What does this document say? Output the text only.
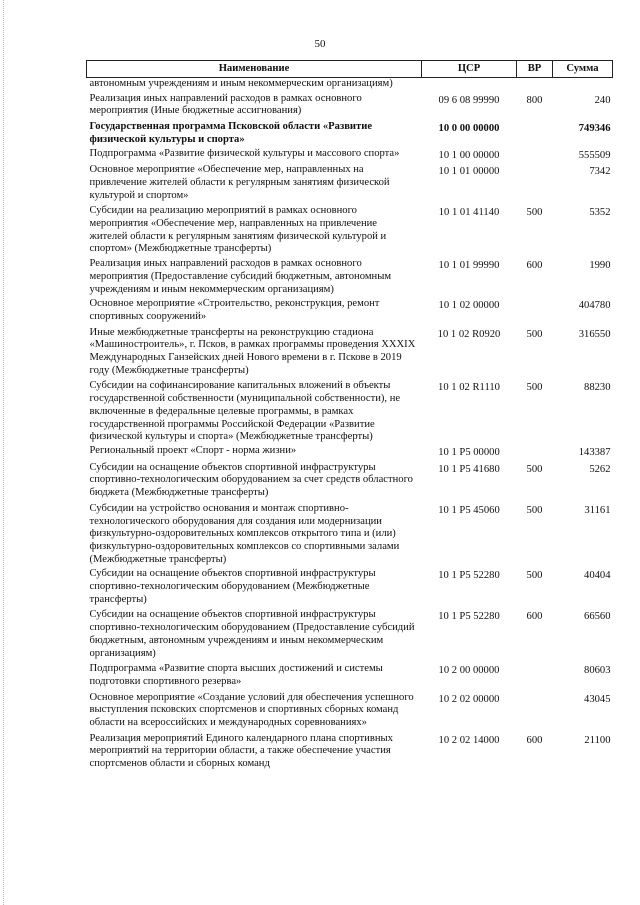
50
Наименование	ЦСР	ВР	Сумма
автономным учреждениям и иным некоммерческим организациям)			
Реализация иных направлений расходов в рамках основного мероприятия (Иные бюджетные ассигнования)	09 6 08 99990	800	240
Государственная программа Псковской области «Развитие физической культуры и спорта»	10 0 00 00000		749346
Подпрограмма «Развитие физической культуры и массового спорта»	10 1 00 00000		555509
Основное мероприятие «Обеспечение мер, направленных на привлечение жителей области к регулярным занятиям физической культурой и спортом»	10 1 01 00000		7342
Субсидии на реализацию мероприятий в рамках основного мероприятия «Обеспечение мер, направленных на привлечение жителей области к регулярным занятиям физической культурой и спортом» (Межбюджетные трансферты)	10 1 01 41140	500	5352
Реализация иных направлений расходов в рамках основного мероприятия (Предоставление субсидий бюджетным, автономным учреждениям и иным некоммерческим организациям)	10 1 01 99990	600	1990
Основное мероприятие «Строительство, реконструкция, ремонт спортивных сооружений»	10 1 02 00000		404780
Иные межбюджетные трансферты на реконструкцию стадиона «Машиностроитель», г. Псков, в рамках программы проведения XXXIX Международных Ганзейских дней Нового времени в г. Пскове в 2019 году (Межбюджетные трансферты)	10 1 02 R0920	500	316550
Субсидии на софинансирование капитальных вложений в объекты государственной собственности (муниципальной собственности), не включенные в федеральные целевые программы, в рамках государственной программы Российской Федерации «Развитие физической культуры и спорта» (Межбюджетные трансферты)	10 1 02 R1110	500	88230
Региональный проект «Спорт - норма жизни»	10 1 P5 00000		143387
Субсидии на оснащение объектов спортивной инфраструктуры спортивно-технологическим оборудованием за счет средств областного бюджета (Межбюджетные трансферты)	10 1 P5 41680	500	5262
Субсидии на устройство основания и монтаж спортивно-технологического оборудования для создания или модернизации физкультурно-оздоровительных комплексов открытого типа и (или) физкультурно-оздоровительных комплексов со спортивными залами (Межбюджетные трансферты)	10 1 P5 45060	500	31161
Субсидии на оснащение объектов спортивной инфраструктуры спортивно-технологическим оборудованием (Межбюджетные трансферты)	10 1 P5 52280	500	40404
Субсидии на оснащение объектов спортивной инфраструктуры спортивно-технологическим оборудованием (Предоставление субсидий бюджетным, автономным учреждениям и иным некоммерческим организациям)	10 1 P5 52280	600	66560
Подпрограмма «Развитие спорта высших достижений и системы подготовки спортивного резерва»	10 2 00 00000		80603
Основное мероприятие «Создание условий для обеспечения успешного выступления псковских спортсменов и спортивных сборных команд области на всероссийских и международных соревнованиях»	10 2 02 00000		43045
Реализация мероприятий Единого календарного плана спортивных мероприятий на территории области, а также обеспечение участия спортсменов области и сборных команд	10 2 02 14000	600	21100
